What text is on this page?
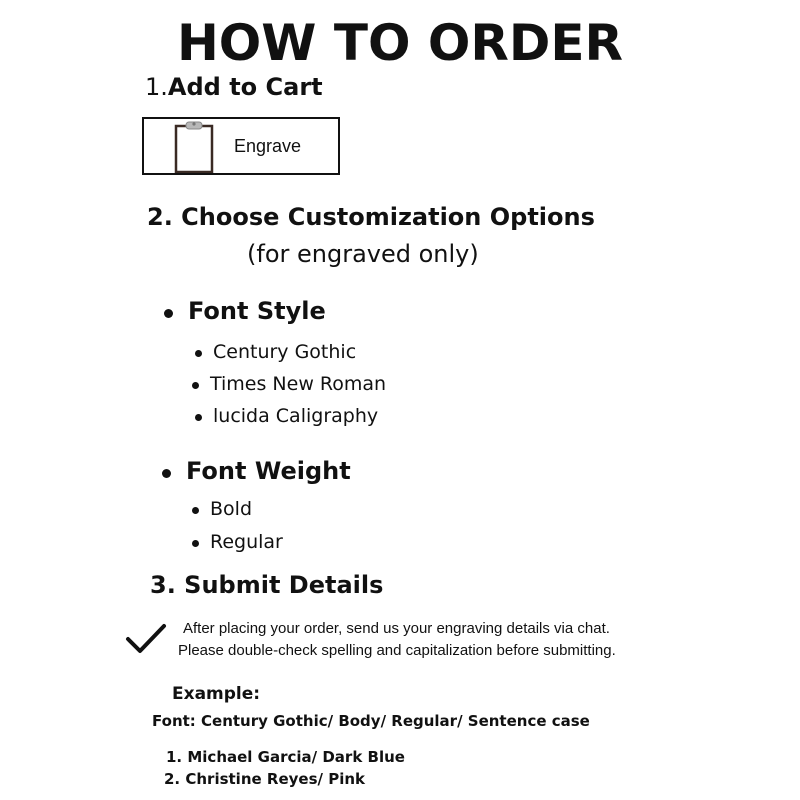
HOW TO ORDER
1.Add to Cart
Engrave
2. Choose Customization Options
(for engraved only)
Font Style
Century Gothic
Times New Roman
lucida Caligraphy
Font Weight
Bold
Regular
3. Submit Details
After placing your order, send us your engraving details via chat.
Please double-check spelling and capitalization before submitting.
Example:
Font: Century Gothic/ Body/ Regular/ Sentence case
1. Michael Garcia/ Dark Blue
2. Christine Reyes/ Pink
